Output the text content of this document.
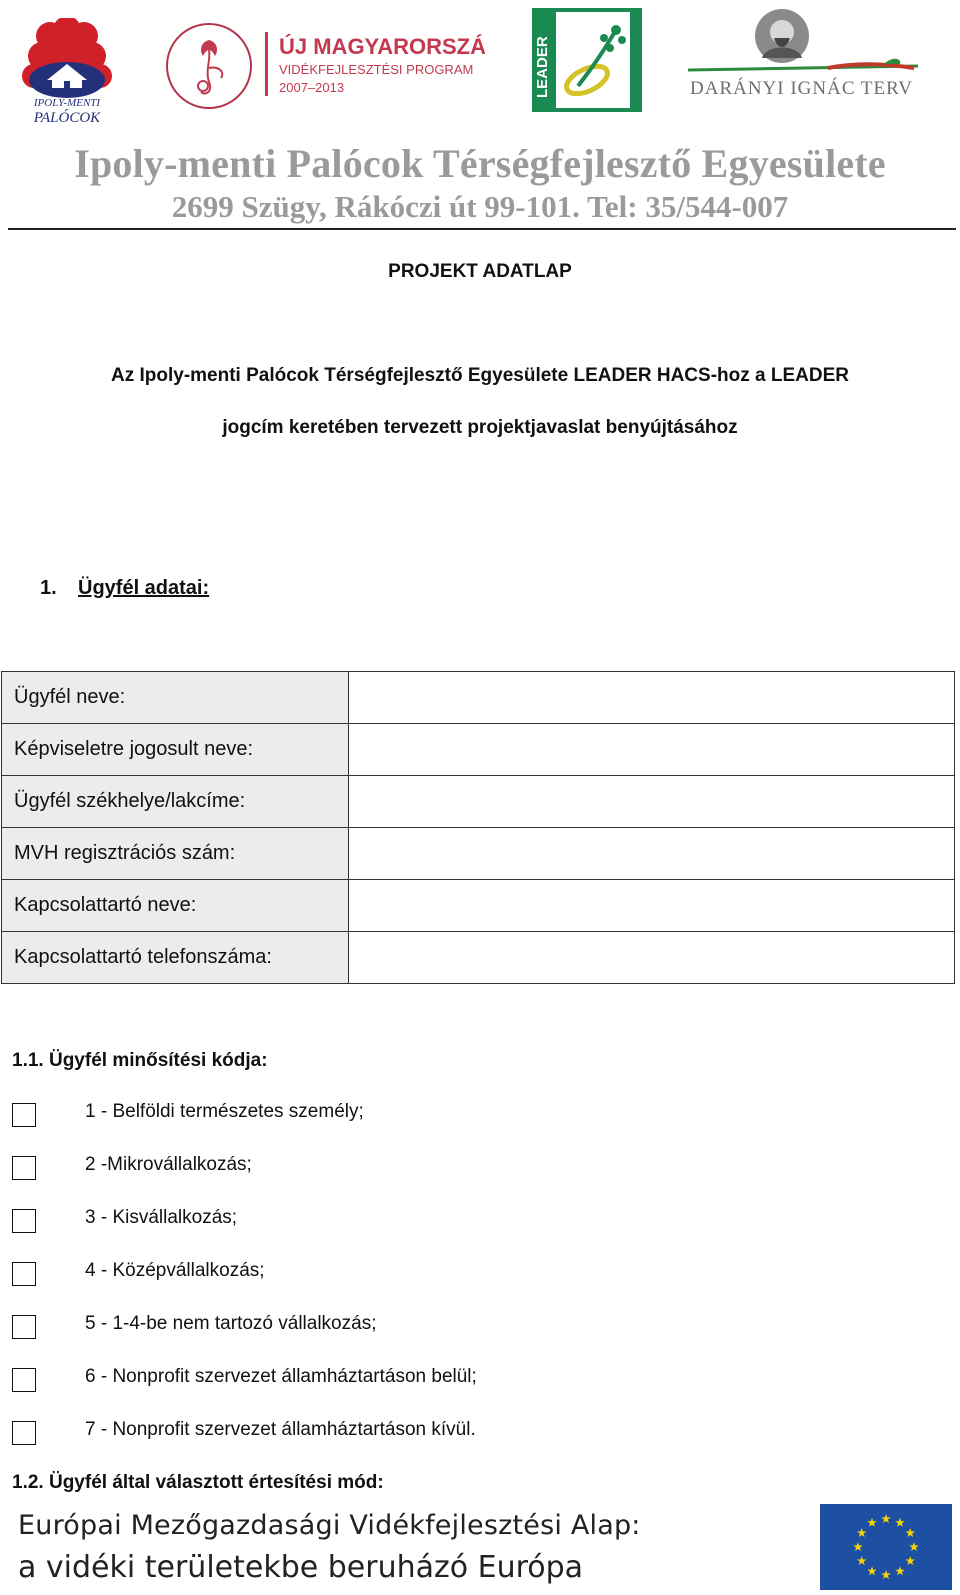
IPOLY-MENTI
PALÓCOK
ÚJ MAGYARORSZÁG
VIDÉKFEJLESZTÉSI PROGRAM
2007–2013	LEADER	DARÁNYI IGNÁC TERV
Ipoly-menti Palócok Térségfejlesztő Egyesülete
2699 Szügy, Rákóczi út 99-101. Tel: 35/544-007
PROJEKT ADATLAP
Az Ipoly-menti Palócok Térségfejlesztő Egyesülete LEADER HACS-hoz a LEADER
jogcím keretében tervezett projektjavaslat benyújtásához
1. Ügyfél adatai:
Ügyfél neve:	
Képviseletre jogosult neve:	
Ügyfél székhelye/lakcíme:	
MVH regisztrációs szám:	
Kapcsolattartó neve:	
Kapcsolattartó telefonszáma:	
1.1. Ügyfél minősítési kódja:
1 - Belföldi természetes személy;
2 -Mikrovállalkozás;
3 - Kisvállalkozás;
4 - Középvállalkozás;
5 - 1-4-be nem tartozó vállalkozás;
6 - Nonprofit szervezet államháztartáson belül;
7 - Nonprofit szervezet államháztartáson kívül.
1.2. Ügyfél által választott értesítési mód:
Európai Mezőgazdasági Vidékfejlesztési Alap:
a vidéki területekbe beruházó Európa
